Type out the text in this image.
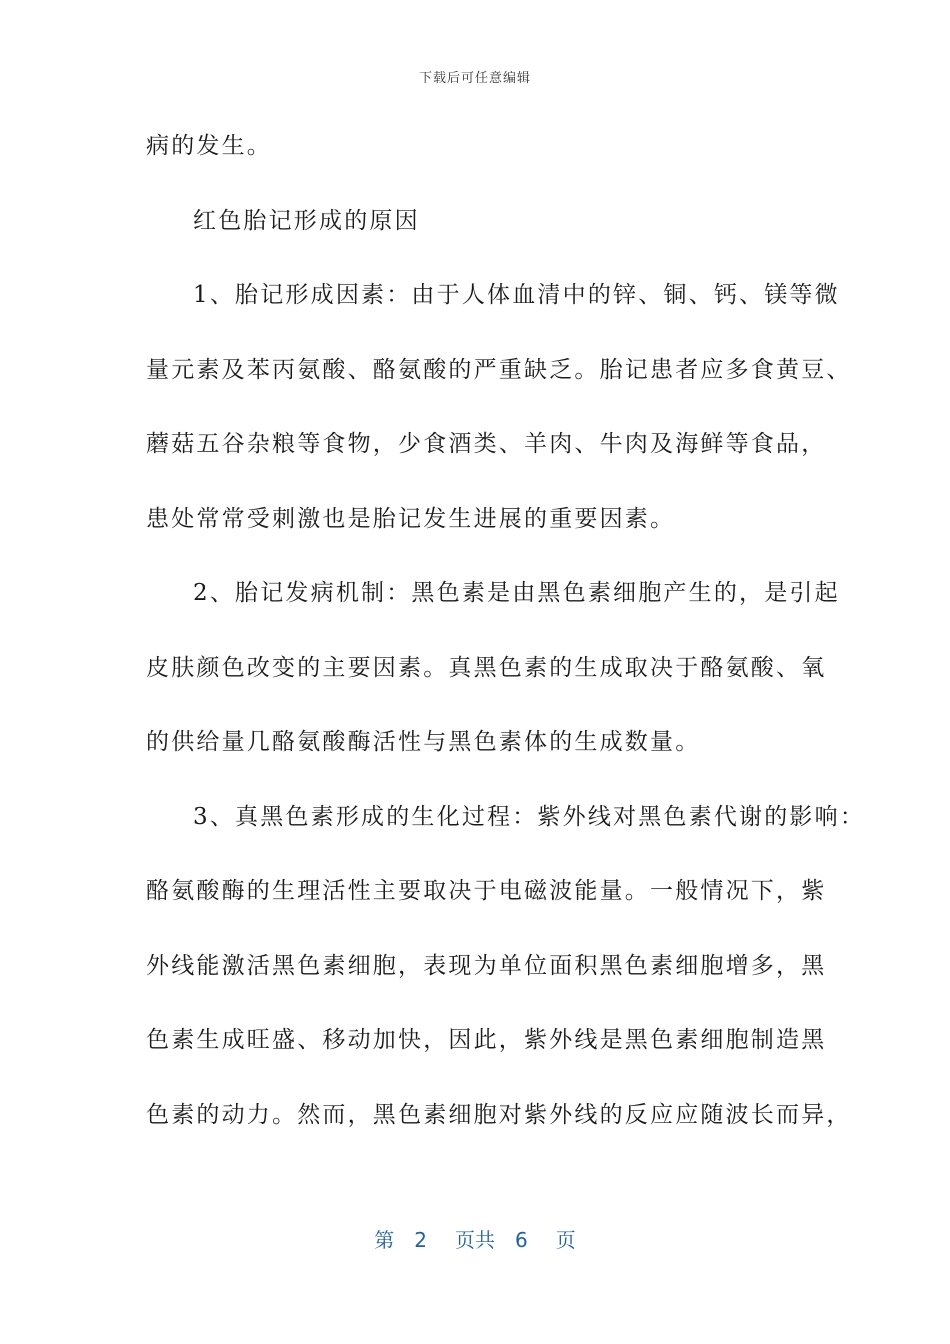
下载后可任意编辑
病的发生。
红色胎记形成的原因
1、胎记形成因素：由于人体血清中的锌、铜、钙、镁等微
量元素及苯丙氨酸、酪氨酸的严重缺乏。胎记患者应多食黄豆、
蘑菇五谷杂粮等食物，少食酒类、羊肉、牛肉及海鲜等食品，
患处常常受刺激也是胎记发生进展的重要因素。
2、胎记发病机制：黑色素是由黑色素细胞产生的，是引起
皮肤颜色改变的主要因素。真黑色素的生成取决于酪氨酸、氧
的供给量几酪氨酸酶活性与黑色素体的生成数量。
3、真黑色素形成的生化过程：紫外线对黑色素代谢的影响：
酪氨酸酶的生理活性主要取决于电磁波能量。一般情况下，紫
外线能激活黑色素细胞，表现为单位面积黑色素细胞增多，黑
色素生成旺盛、移动加快，因此，紫外线是黑色素细胞制造黑
色素的动力。然而，黑色素细胞对紫外线的反应应随波长而异，
第 2 页共 6 页
